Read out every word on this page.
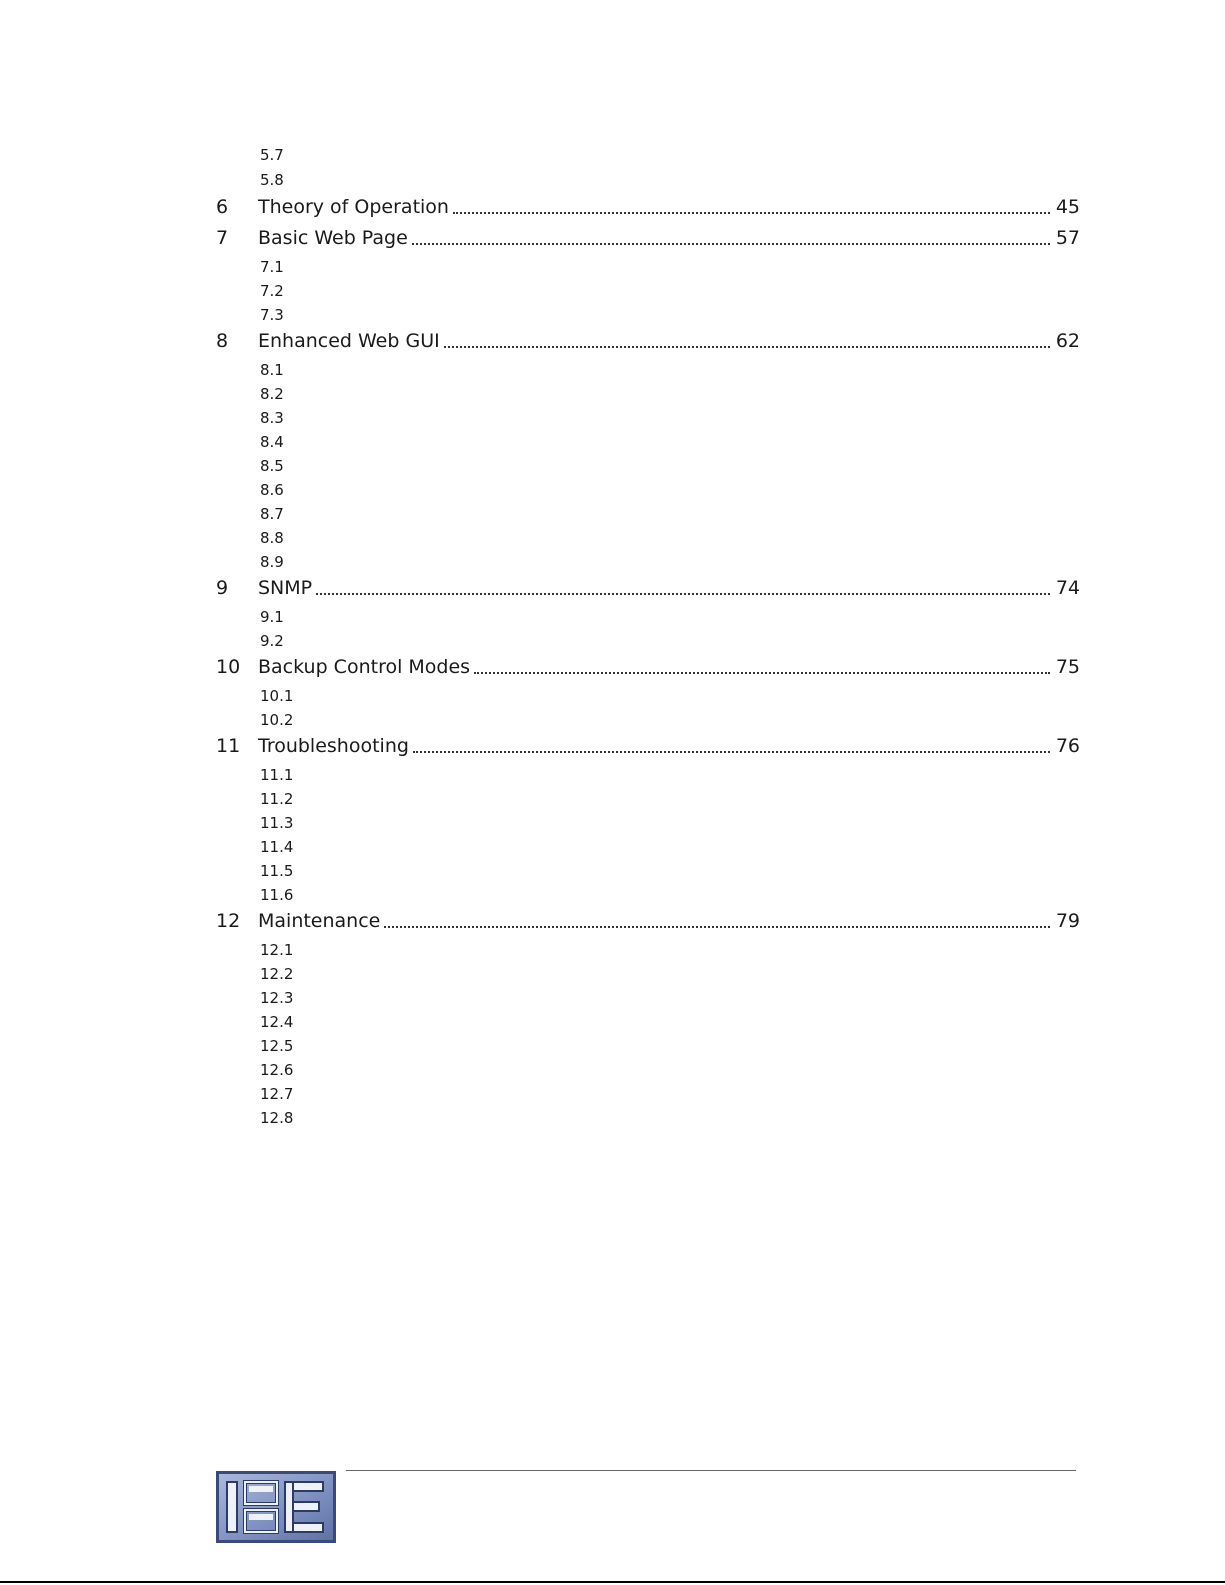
5.7
5.8
6 Theory of Operation	45
7 Basic Web Page	57
7.1
7.2
7.3
8 Enhanced Web GUI	62
8.1
8.2
8.3
8.4
8.5
8.6
8.7
8.8
8.9
9 SNMP	74
9.1
9.2
10 Backup Control Modes	75
10.1
10.2
11 Troubleshooting	76
11.1
11.2
11.3
11.4
11.5
11.6
12 Maintenance	79
12.1
12.2
12.3
12.4
12.5
12.6
12.7
12.8
